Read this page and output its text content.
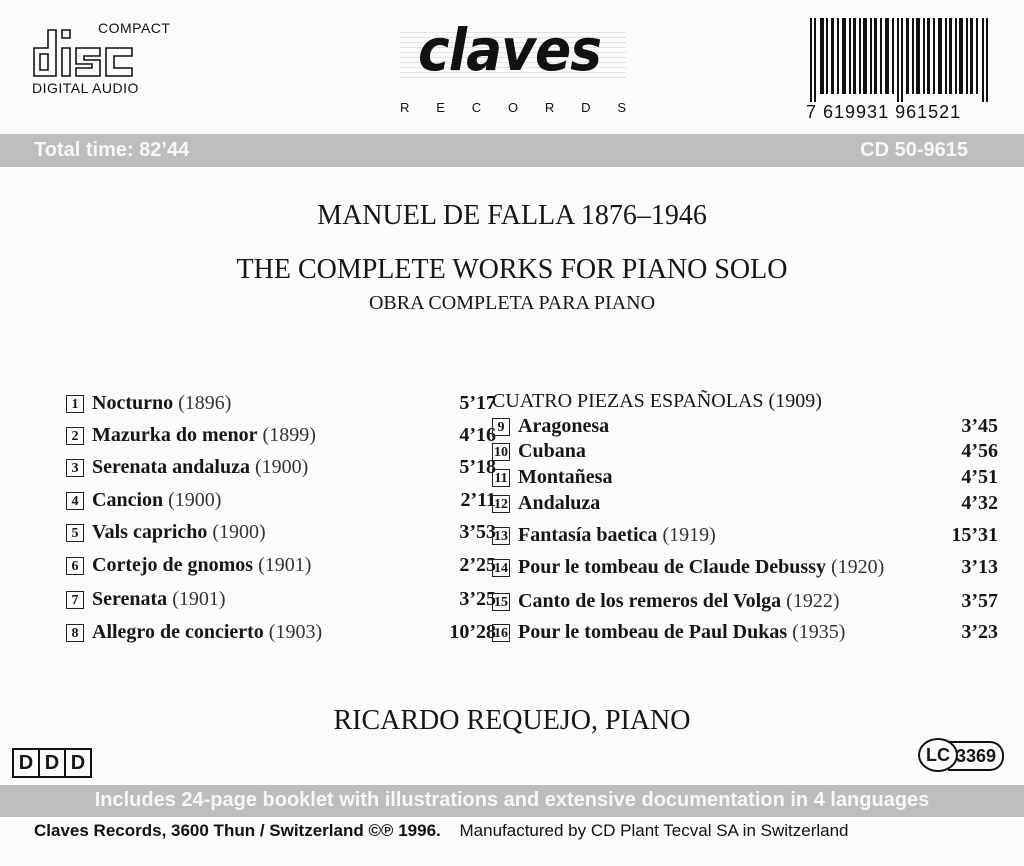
COMPACT
DIGITAL AUDIO
claves
R E C O R D S	7 619931 961521
Total time: 82’44	CD 50-9615
MANUEL DE FALLA 1876–1946
THE COMPLETE WORKS FOR PIANO SOLO
OBRA COMPLETA PARA PIANO
1 Nocturno (1896)	5’17
2 Mazurka do menor (1899)	4’16
3 Serenata andaluza (1900)	5’18
4 Cancion (1900)	2’11
5 Vals capricho (1900)	3’53
6 Cortejo de gnomos (1901)	2’25
7 Serenata (1901)	3’25
8 Allegro de concierto (1903)	10’28
CUATRO PIEZAS ESPAÑOLAS (1909)
9 Aragonesa	3’45
10 Cubana	4’56
11 Montañesa	4’51
12 Andaluza	4’32
13 Fantasía baetica (1919)	15’31
14 Pour le tombeau de Claude Debussy (1920)	3’13
15 Canto de los remeros del Volga (1922)	3’57
16 Pour le tombeau de Paul Dukas (1935)	3’23
RICARDO REQUEJO, PIANO
D D D	LC 3369
Includes 24-page booklet with illustrations and extensive documentation in 4 languages
Claves Records, 3600 Thun / Switzerland ©℗ 1996. Manufactured by CD Plant Tecval SA in Switzerland
